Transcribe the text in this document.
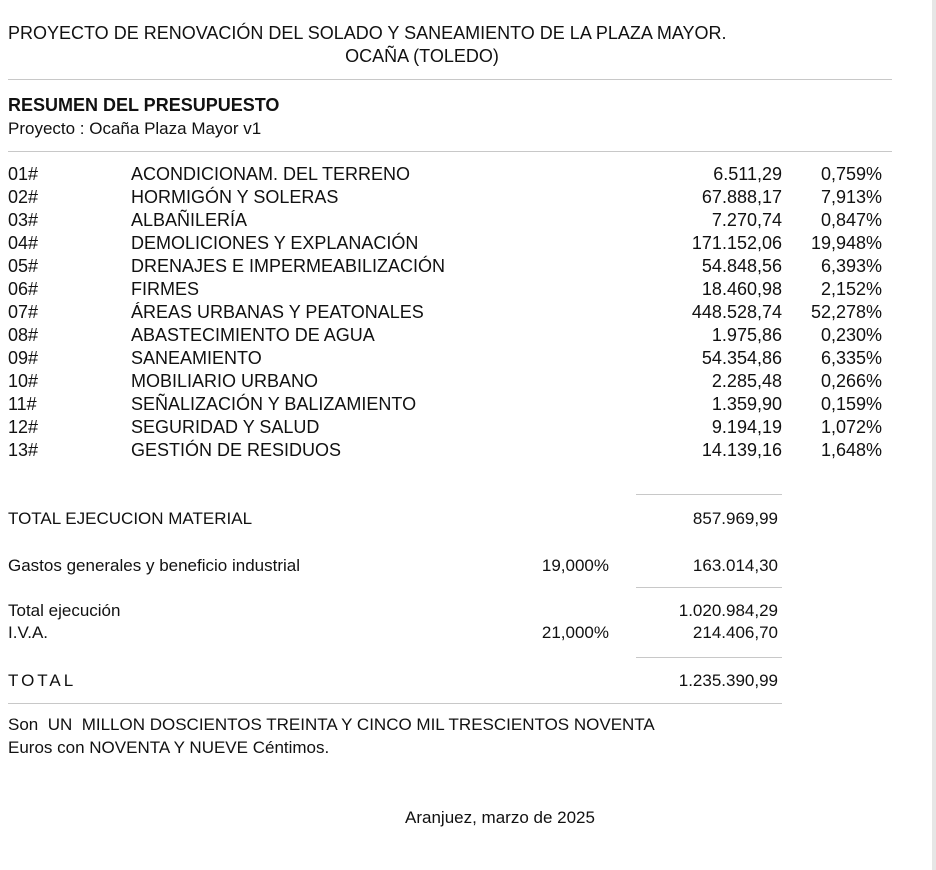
PROYECTO DE RENOVACIÓN DEL SOLADO Y SANEAMIENTO DE LA PLAZA MAYOR.
OCAÑA (TOLEDO)
RESUMEN DEL PRESUPUESTO
Proyecto : Ocaña Plaza Mayor v1
01#	ACONDICIONAM. DEL TERRENO	6.511,29 0,759%
02#	HORMIGÓN Y SOLERAS	67.888,17 7,913%
03#	ALBAÑILERÍA	7.270,74 0,847%
04#	DEMOLICIONES Y EXPLANACIÓN	171.152,06 19,948%
05#	DRENAJES E IMPERMEABILIZACIÓN	54.848,56 6,393%
06#	FIRMES	18.460,98 2,152%
07#	ÁREAS URBANAS Y PEATONALES	448.528,74 52,278%
08#	ABASTECIMIENTO DE AGUA	1.975,86 0,230%
09#	SANEAMIENTO	54.354,86 6,335%
10#	MOBILIARIO URBANO	2.285,48 0,266%
11#	SEÑALIZACIÓN Y BALIZAMIENTO	1.359,90 0,159%
12#	SEGURIDAD Y SALUD	9.194,19 1,072%
13#	GESTIÓN DE RESIDUOS	14.139,16 1,648%
TOTAL EJECUCION MATERIAL	857.969,99
Gastos generales y beneficio industrial	19,000%	163.014,30
Total ejecución	1.020.984,29
I.V.A.	21,000%	214.406,70
TOTAL	1.235.390,99
Son  UN  MILLON DOSCIENTOS TREINTA Y CINCO MIL TRESCIENTOS NOVENTA
Euros con NOVENTA Y NUEVE Céntimos.
Aranjuez, marzo de 2025
